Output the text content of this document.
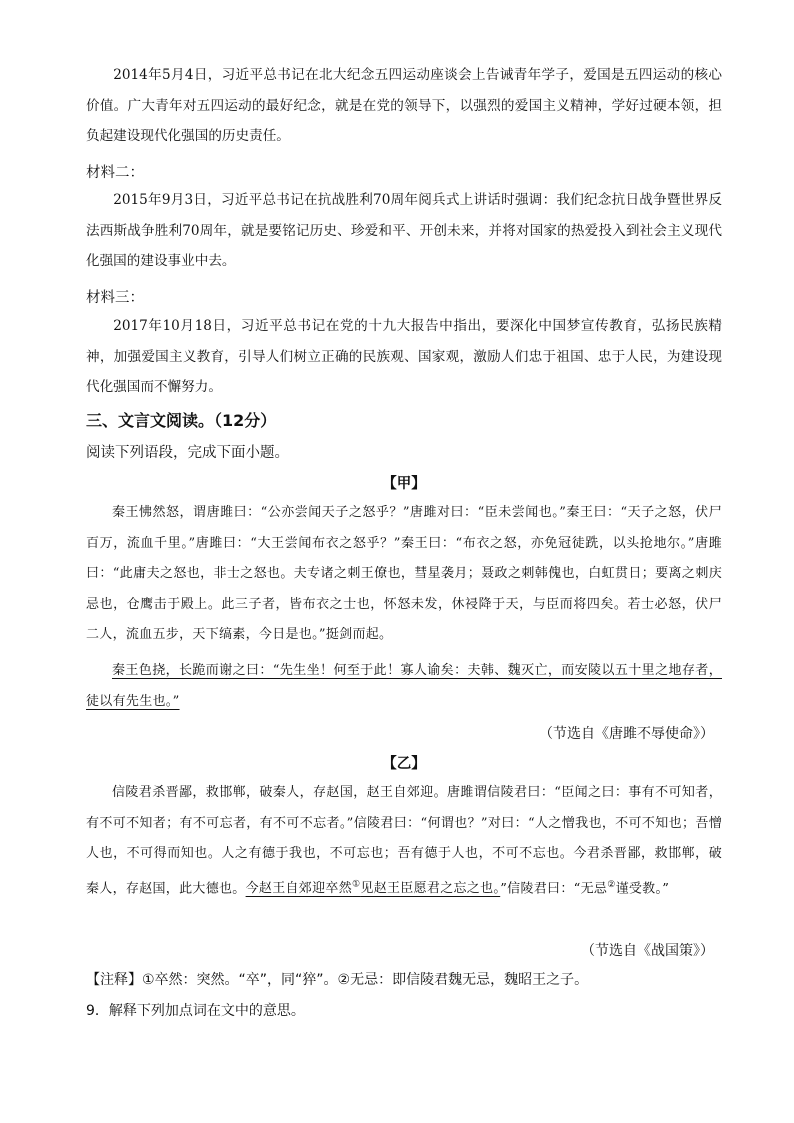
2014年5月4日，习近平总书记在北大纪念五四运动座谈会上告诫青年学子，爱国是五四运动的核心价值。广大青年对五四运动的最好纪念，就是在党的领导下，以强烈的爱国主义精神，学好过硬本领，担负起建设现代化强国的历史责任。

材料二：

2015年9月3日，习近平总书记在抗战胜利70周年阅兵式上讲话时强调：我们纪念抗日战争暨世界反法西斯战争胜利70周年，就是要铭记历史、珍爱和平、开创未来，并将对国家的热爱投入到社会主义现代化强国的建设事业中去。

材料三：

2017年10月18日，习近平总书记在党的十九大报告中指出，要深化中国梦宣传教育，弘扬民族精神，加强爱国主义教育，引导人们树立正确的民族观、国家观，激励人们忠于祖国、忠于人民，为建设现代化强国而不懈努力。

三、文言文阅读。（12分）
阅读下列语段，完成下面小题。
【甲】

秦王怫然怒，谓唐雎曰：“公亦尝闻天子之怒乎？”唐雎对曰：“臣未尝闻也。”秦王曰：“天子之怒，伏尸百万，流血千里。”唐雎曰：“大王尝闻布衣之怒乎？”秦王曰：“布衣之怒，亦免冠徒跣，以头抢地尔。”唐雎曰：“此庸夫之怒也，非士之怒也。夫专诸之刺王僚也，彗星袭月；聂政之刺韩傀也，白虹贯日；要离之刺庆忌也，仓鹰击于殿上。此三子者，皆布衣之士也，怀怒未发，休祲降于天，与臣而将四矣。若士必怒，伏尸二人，流血五步，天下缟素，今日是也。”挺剑而起。

秦王色挠，长跪而谢之曰：“先生坐！何至于此！寡人谕矣：夫韩、魏灭亡，而安陵以五十里之地存者，徒以有先生也。”

（节选自《唐雎不辱使命》）
【乙】

信陵君杀晋鄙，救邯郸，破秦人，存赵国，赵王自郊迎。唐雎谓信陵君曰：“臣闻之曰：事有不可知者，有不可不知者；有不可忘者，有不可不忘者。”信陵君曰：“何谓也？”对曰：“人之憎我也，不可不知也；吾憎人也，不可得而知也。人之有德于我也，不可忘也；吾有德于人也，不可不忘也。今君杀晋鄙，救邯郸，破秦人，存赵国，此大德也。今赵王自郊迎卒然①见赵王臣愿君之忘之也。”信陵君曰：“无忌②谨受教。”

（节选自《战国策》）
【注释】①卒然：突然。“卒”，同“猝”。②无忌：即信陵君魏无忌，魏昭王之子。
9．解释下列加点词在文中的意思。
